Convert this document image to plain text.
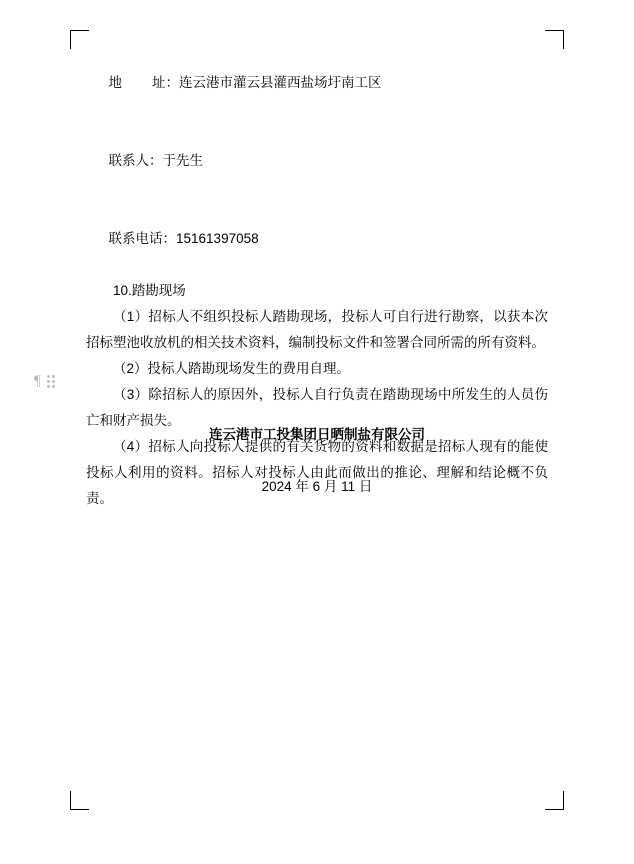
地        址：连云港市灌云县灌西盐场圩南工区

联系人：于先生

联系电话：15161397058

10.踏勘现场
（1）招标人不组织投标人踏勘现场，投标人可自行进行勘察，以获本次招标塑池收放机的相关技术资料，编制投标文件和签署合同所需的所有资料。
（2）投标人踏勘现场发生的费用自理。
（3）除招标人的原因外，投标人自行负责在踏勘现场中所发生的人员伤亡和财产损失。
（4）招标人向投标人提供的有关货物的资料和数据是招标人现有的能使投标人利用的资料。招标人对投标人由此而做出的推论、理解和结论概不负责。
¶
连云港市工投集团日晒制盐有限公司
2024 年 6 月 11 日
